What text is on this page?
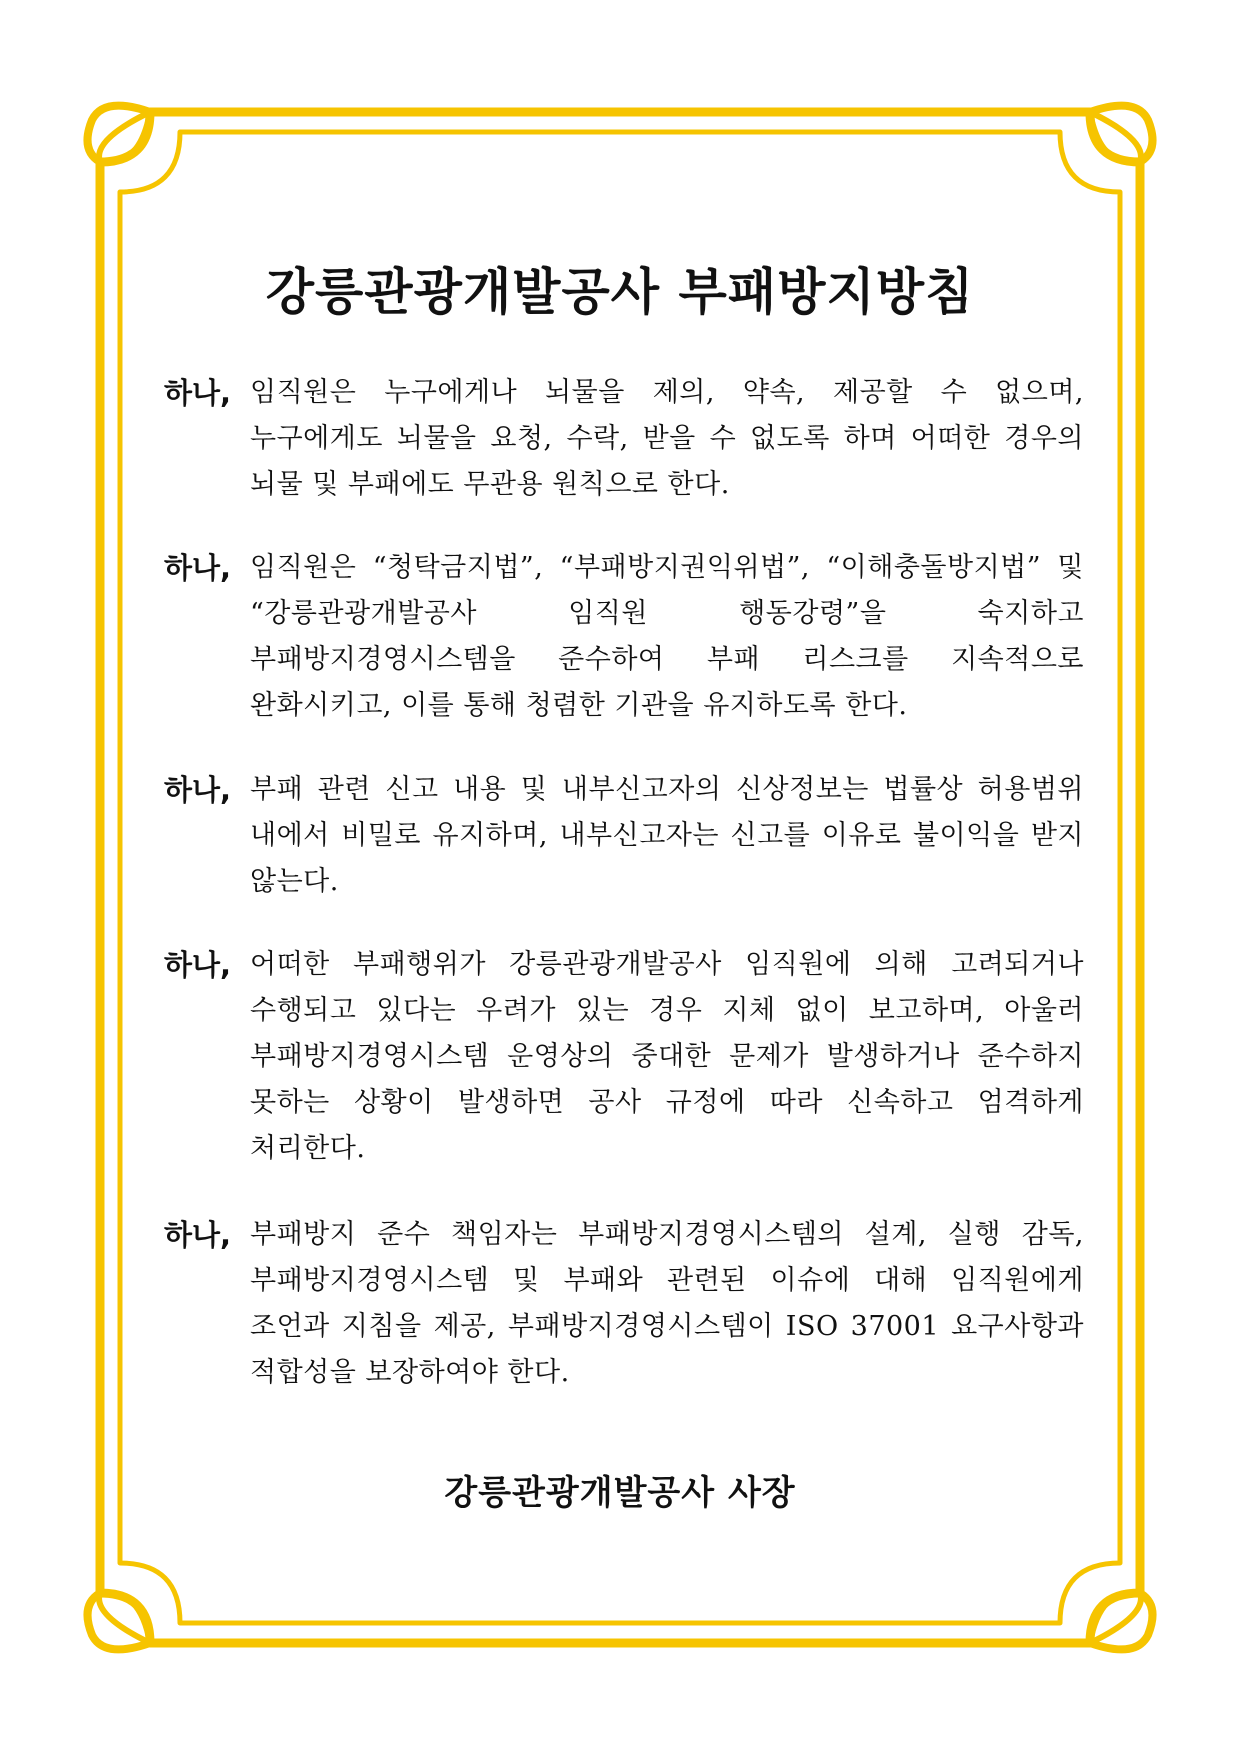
강릉관광개발공사 부패방지방침
하나, 임직원은 누구에게나 뇌물을 제의, 약속, 제공할 수 없으며, 누구에게도 뇌물을 요청, 수락, 받을 수 없도록 하며 어떠한 경우의 뇌물 및 부패에도 무관용 원칙으로 한다.
하나, 임직원은 “청탁금지법”, “부패방지권익위법”, “이해충돌방지법” 및 “강릉관광개발공사 임직원 행동강령”을 숙지하고 부패방지경영시스템을 준수하여 부패 리스크를 지속적으로 완화시키고, 이를 통해 청렴한 기관을 유지하도록 한다.
하나, 부패 관련 신고 내용 및 내부신고자의 신상정보는 법률상 허용범위 내에서 비밀로 유지하며, 내부신고자는 신고를 이유로 불이익을 받지 않는다.
하나, 어떠한 부패행위가 강릉관광개발공사 임직원에 의해 고려되거나 수행되고 있다는 우려가 있는 경우 지체 없이 보고하며, 아울러 부패방지경영시스템 운영상의 중대한 문제가 발생하거나 준수하지 못하는 상황이 발생하면 공사 규정에 따라 신속하고 엄격하게 처리한다.
하나, 부패방지 준수 책임자는 부패방지경영시스템의 설계, 실행 감독, 부패방지경영시스템 및 부패와 관련된 이슈에 대해 임직원에게 조언과 지침을 제공, 부패방지경영시스템이 ISO 37001 요구사항과 적합성을 보장하여야 한다.
강릉관광개발공사 사장
